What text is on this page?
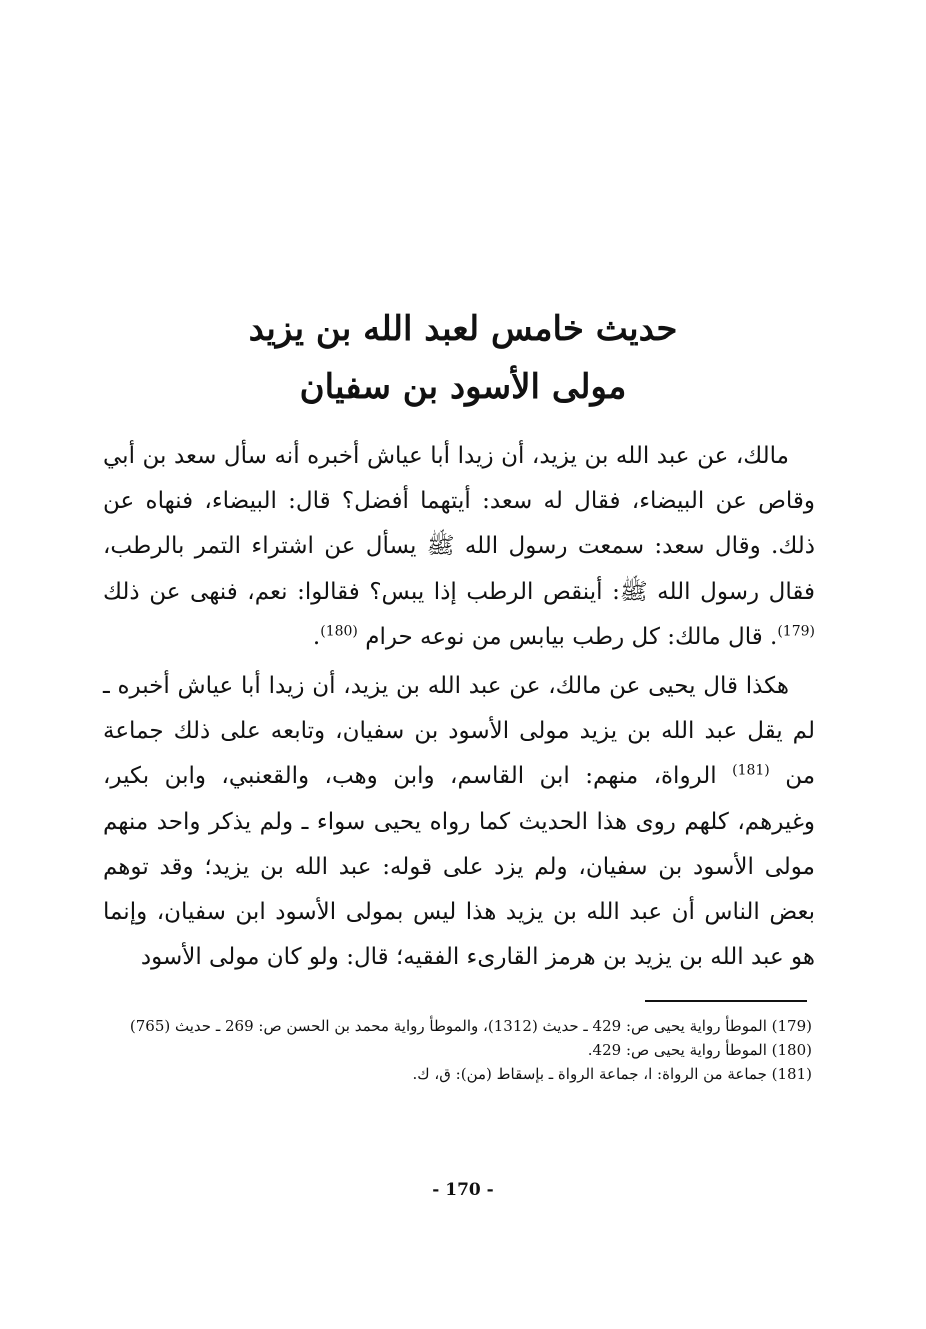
حديث خامس لعبد الله بن يزيد
مولى الأسود بن سفيان

مالك، عن عبد الله بن يزيد، أن زيدا أبا عياش أخبره أنه سأل سعد بن أبي وقاص عن البيضاء، فقال له سعد: أيتهما أفضل؟ قال: البيضاء، فنهاه عن ذلك. وقال سعد: سمعت رسول الله ﷺ يسأل عن اشتراء التمر بالرطب، فقال رسول الله ﷺ: أينقص الرطب إذا يبس؟ فقالوا: نعم، فنهى عن ذلك $^{(179)}$. قال مالك: كل رطب بيابس من نوعه حرام $^{(180)}$.

هكذا قال يحيى عن مالك، عن عبد الله بن يزيد، أن زيدا أبا عياش أخبره ـ لم يقل عبد الله بن يزيد مولى الأسود بن سفيان، وتابعه على ذلك جماعة من $^{(181)}$ الرواة، منهم: ابن القاسم، وابن وهب، والقعنبي، وابن بكير، وغيرهم، كلهم روى هذا الحديث كما رواه يحيى سواء ـ ولم يذكر واحد منهم مولى الأسود بن سفيان، ولم يزد على قوله: عبد الله بن يزيد؛ وقد توهم بعض الناس أن عبد الله بن يزيد هذا ليس بمولى الأسود ابن سفيان، وإنما هو عبد الله بن يزيد بن هرمز القارىء الفقيه؛ قال: ولو كان مولى الأسود

(179) الموطأ رواية يحيى ص: 429 ـ حديث (1312)، والموطأ رواية محمد بن الحسن ص: 269 ـ حديث (765)
(180) الموطأ رواية يحيى ص: 429.
(181) جماعة من الرواة: ا، جماعة الرواة ـ بإسقاط (من): ق، ك.
- 170 -
